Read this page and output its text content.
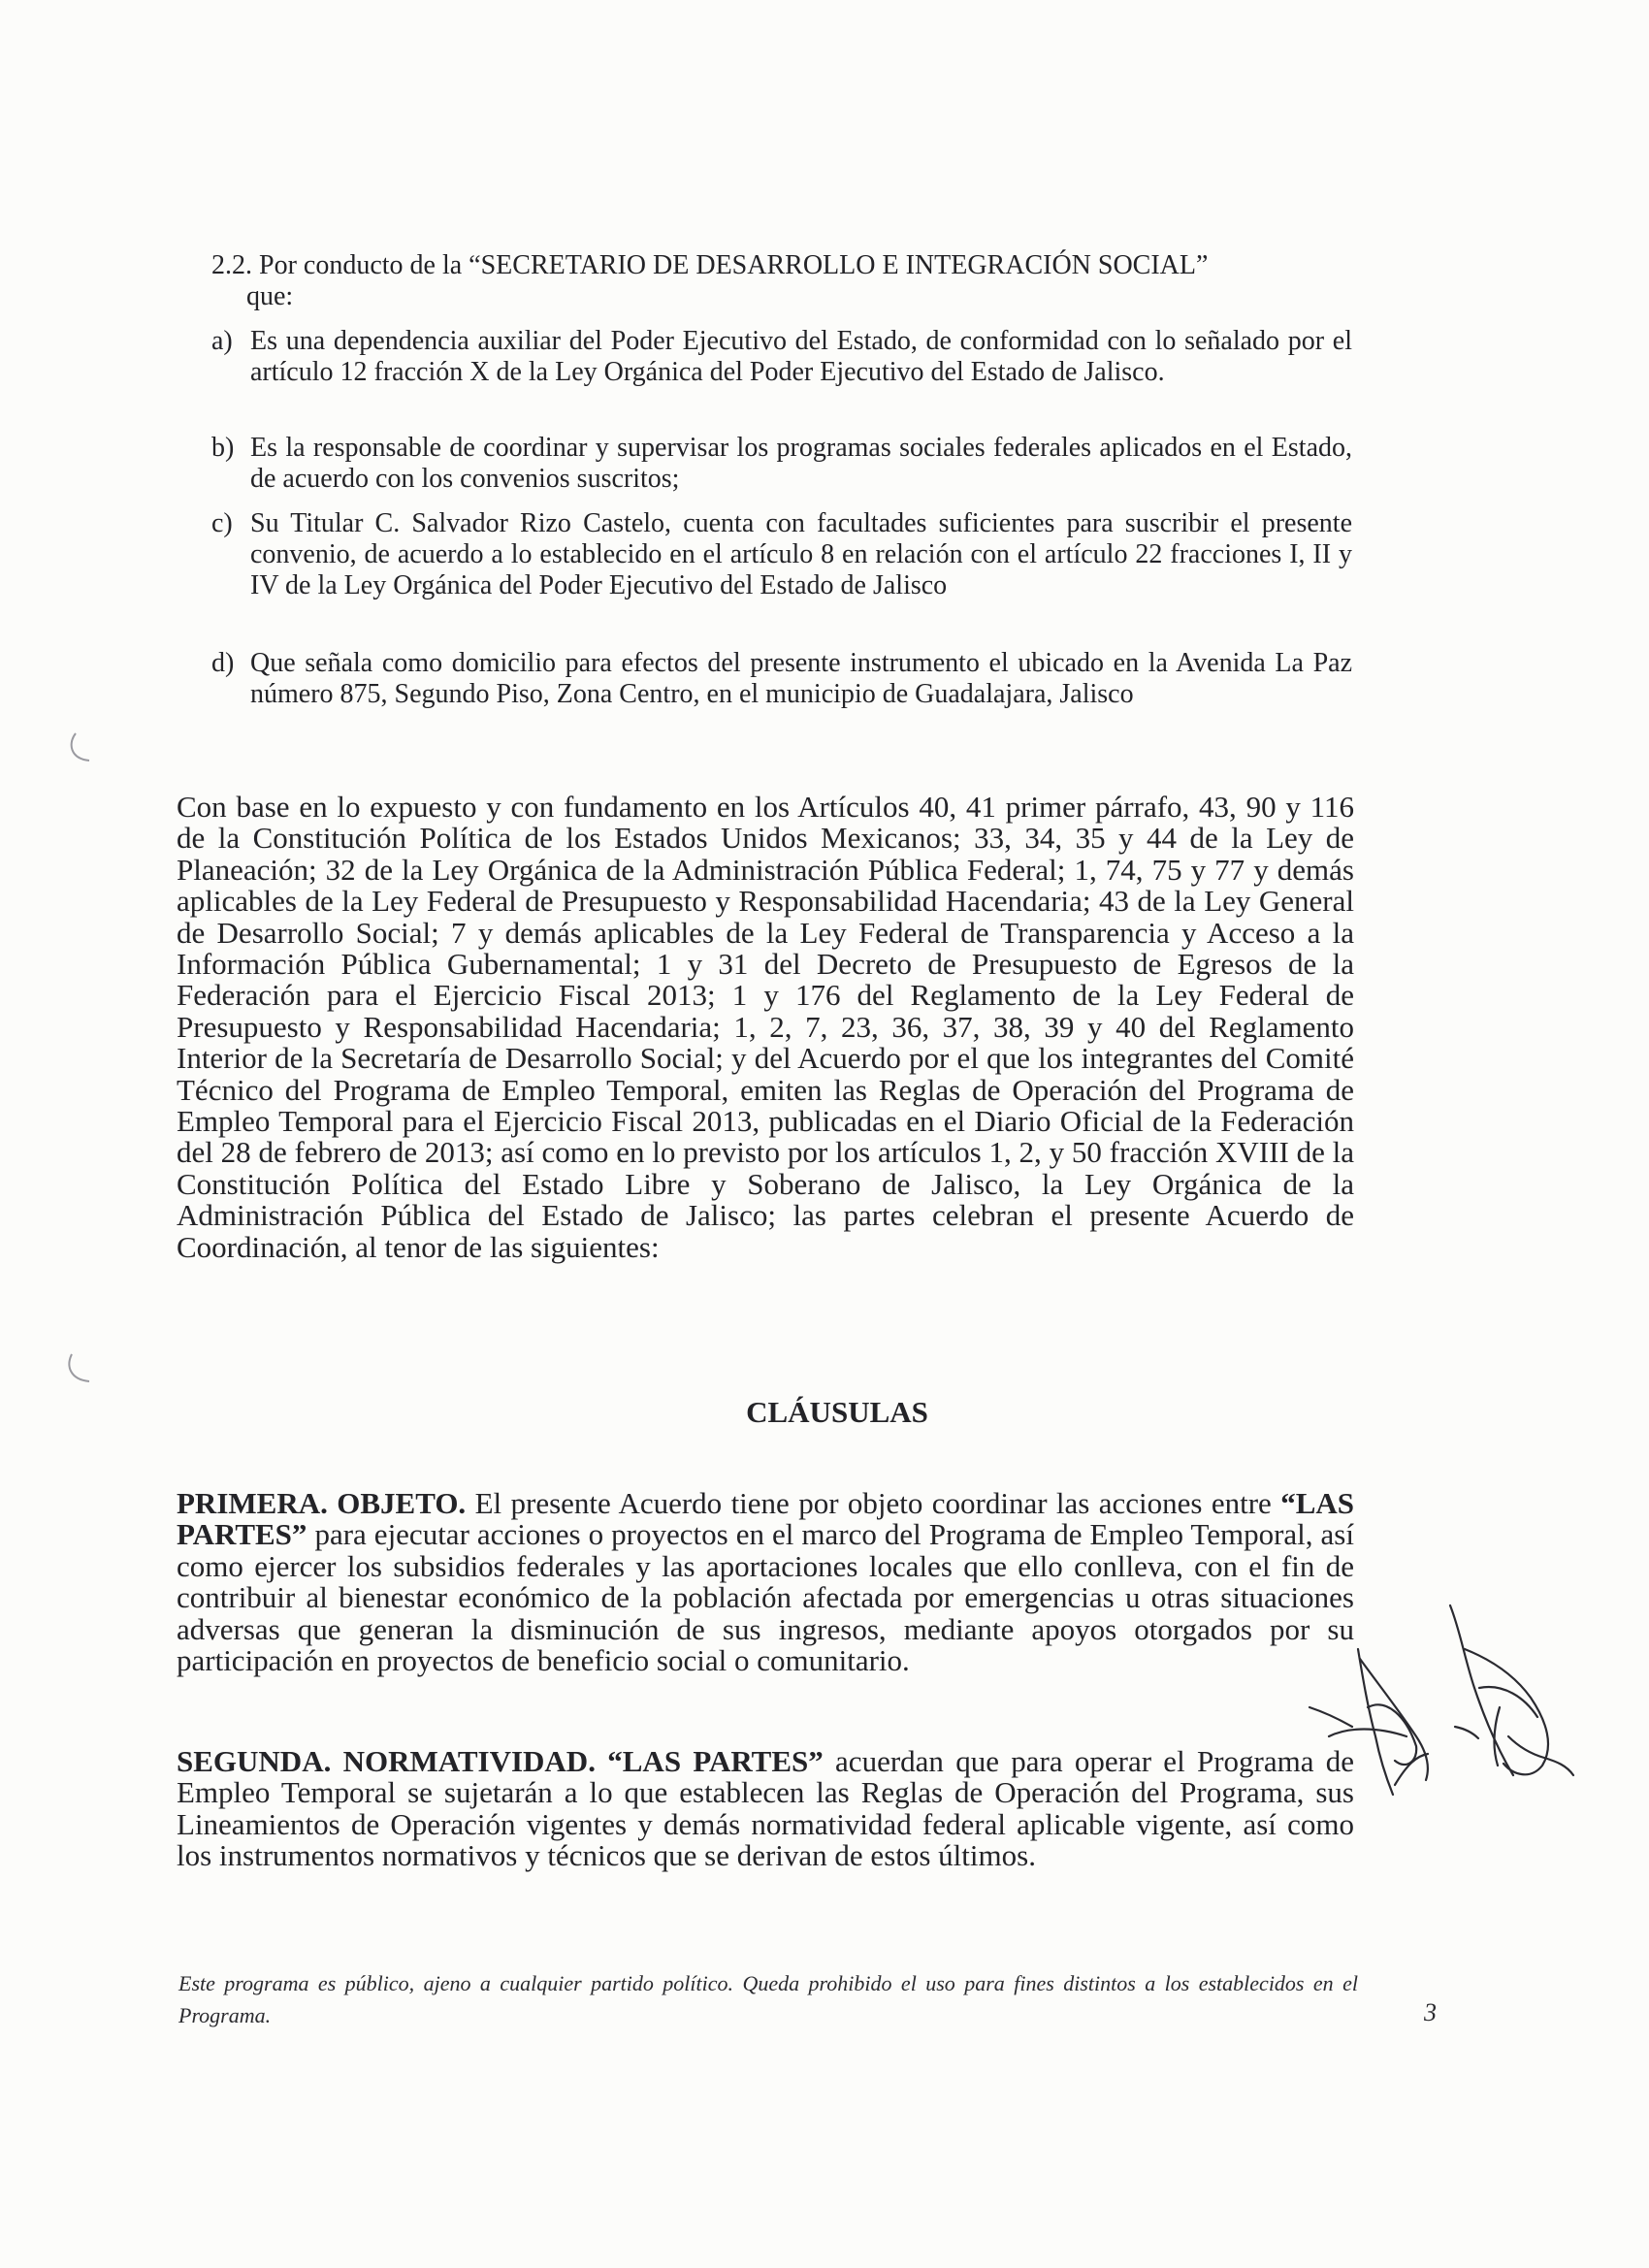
2.2. Por conducto de la “SECRETARIO DE DESARROLLO E INTEGRACIÓN SOCIAL”
que:
a) Es una dependencia auxiliar del Poder Ejecutivo del Estado, de conformidad con lo señalado por el artículo 12 fracción X de la Ley Orgánica del Poder Ejecutivo del Estado de Jalisco.
b) Es la responsable de coordinar y supervisar los programas sociales federales aplicados en el Estado, de acuerdo con los convenios suscritos;
c) Su Titular C. Salvador Rizo Castelo, cuenta con facultades suficientes para suscribir el presente convenio, de acuerdo a lo establecido en el artículo 8 en relación con el artículo 22 fracciones I, II y IV de la Ley Orgánica del Poder Ejecutivo del Estado de Jalisco
d) Que señala como domicilio para efectos del presente instrumento el ubicado en la Avenida La Paz número 875, Segundo Piso, Zona Centro, en el municipio de Guadalajara, Jalisco
Con base en lo expuesto y con fundamento en los Artículos 40, 41 primer párrafo, 43, 90 y 116 de la Constitución Política de los Estados Unidos Mexicanos; 33, 34, 35 y 44 de la Ley de Planeación; 32 de la Ley Orgánica de la Administración Pública Federal; 1, 74, 75 y 77 y demás aplicables de la Ley Federal de Presupuesto y Responsabilidad Hacendaria; 43 de la Ley General de Desarrollo Social; 7 y demás aplicables de la Ley Federal de Transparencia y Acceso a la Información Pública Gubernamental; 1 y 31 del Decreto de Presupuesto de Egresos de la Federación para el Ejercicio Fiscal 2013; 1 y 176 del Reglamento de la Ley Federal de Presupuesto y Responsabilidad Hacendaria; 1, 2, 7, 23, 36, 37, 38, 39 y 40 del Reglamento Interior de la Secretaría de Desarrollo Social; y del Acuerdo por el que los integrantes del Comité Técnico del Programa de Empleo Temporal, emiten las Reglas de Operación del Programa de Empleo Temporal para el Ejercicio Fiscal 2013, publicadas en el Diario Oficial de la Federación del 28 de febrero de 2013; así como en lo previsto por los artículos 1, 2, y 50 fracción XVIII de la Constitución Política del Estado Libre y Soberano de Jalisco, la Ley Orgánica de la Administración Pública del Estado de Jalisco; las partes celebran el presente Acuerdo de Coordinación, al tenor de las siguientes:
CLÁUSULAS
PRIMERA. OBJETO. El presente Acuerdo tiene por objeto coordinar las acciones entre “LAS PARTES” para ejecutar acciones o proyectos en el marco del Programa de Empleo Temporal, así como ejercer los subsidios federales y las aportaciones locales que ello conlleva, con el fin de contribuir al bienestar económico de la población afectada por emergencias u otras situaciones adversas que generan la disminución de sus ingresos, mediante apoyos otorgados por su participación en proyectos de beneficio social o comunitario.
SEGUNDA. NORMATIVIDAD. “LAS PARTES” acuerdan que para operar el Programa de Empleo Temporal se sujetarán a lo que establecen las Reglas de Operación del Programa, sus Lineamientos de Operación vigentes y demás normatividad federal aplicable vigente, así como los instrumentos normativos y técnicos que se derivan de estos últimos.
Este programa es público, ajeno a cualquier partido político. Queda prohibido el uso para fines distintos a los establecidos en el Programa.	3
